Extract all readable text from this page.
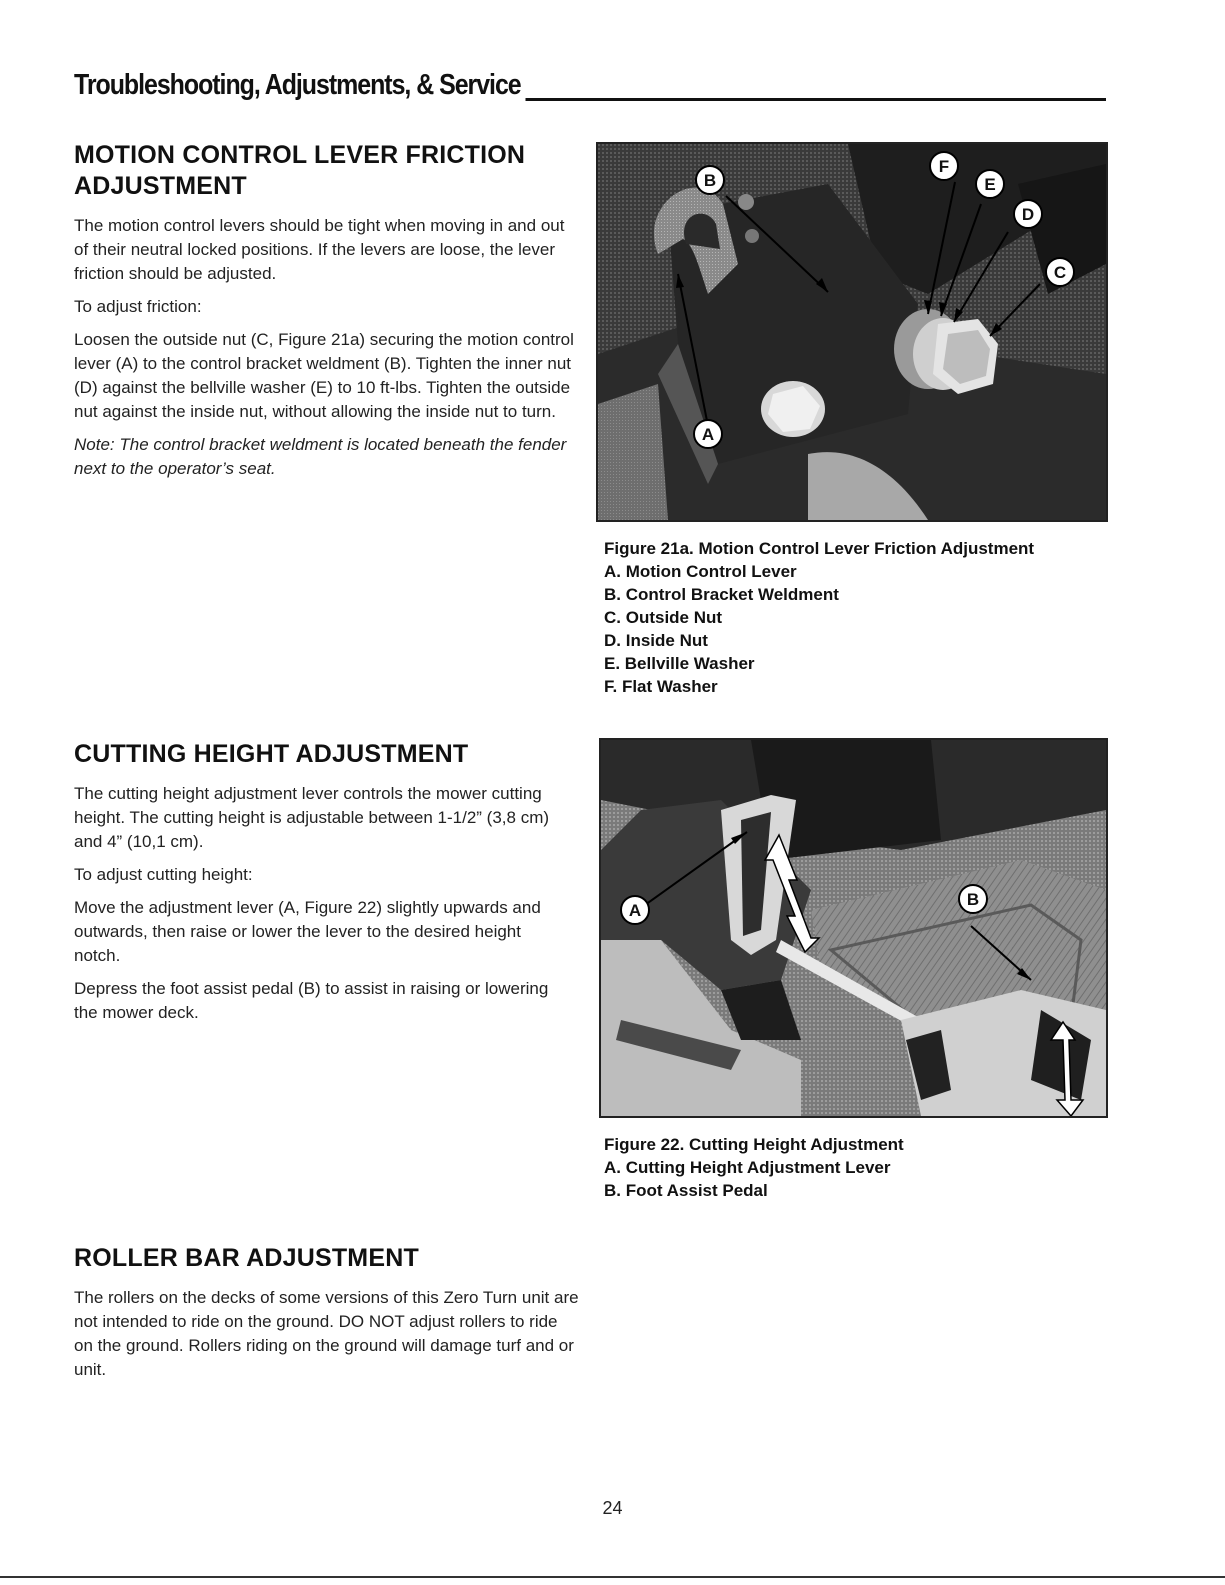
Troubleshooting, Adjustments, & Service
MOTION CONTROL LEVER FRICTION
ADJUSTMENT

The motion control levers should be tight when moving in and out of their neutral locked positions. If the levers are loose, the lever friction should be adjusted.

To adjust friction:

Loosen the outside nut (C, Figure 21a) securing the motion control lever (A) to the control bracket weldment (B). Tighten the inner nut (D) against the bellville washer (E) to 10 ft-lbs. Tighten the outside nut against the inside nut, without allowing the inside nut to turn.

Note: The control bracket weldment is located beneath the fender next to the operator’s seat.

B
F
E
D
C
A
Figure 21a. Motion Control Lever Friction Adjustment
A. Motion Control Lever
B. Control Bracket Weldment
C. Outside Nut
D. Inside Nut
E. Bellville Washer
F. Flat Washer
CUTTING HEIGHT ADJUSTMENT

The cutting height adjustment lever controls the mower cutting height. The cutting height is adjustable between 1-1/2” (3,8 cm) and 4” (10,1 cm).

To adjust cutting height:

Move the adjustment lever (A, Figure 22) slightly upwards and outwards, then raise or lower the lever to the desired height notch.

Depress the foot assist pedal (B) to assist in raising or lowering the mower deck.

A
B
Figure 22. Cutting Height Adjustment
A. Cutting Height Adjustment Lever
B. Foot Assist Pedal
ROLLER BAR ADJUSTMENT

The rollers on the decks of some versions of this Zero Turn unit are not intended to ride on the ground. DO NOT adjust rollers to ride on the ground. Rollers riding on the ground will damage turf and or unit.

24
